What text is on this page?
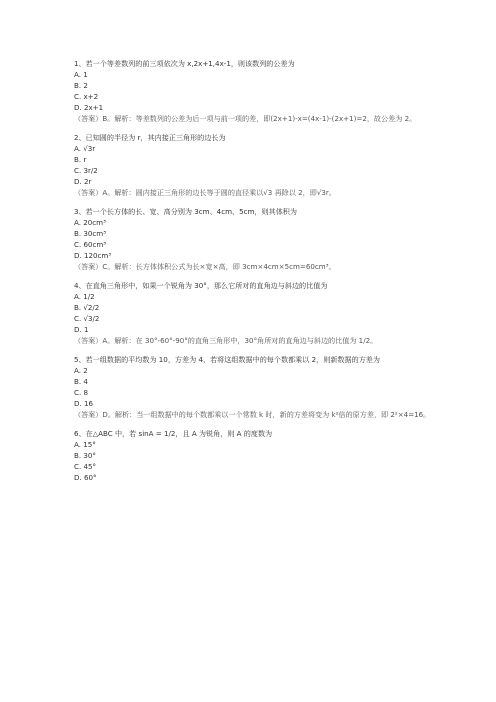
1、若一个等差数列的前三项依次为 x,2x+1,4x-1，则该数列的公差为
A. 1
B. 2
C. x+2
D. 2x+1
（答案）B。解析：等差数列的公差为后一项与前一项的差，即(2x+1)-x=(4x-1)-(2x+1)=2，故公差为 2。
2、已知圆的半径为 r，其内接正三角形的边长为
A. √3r
B. r
C. 3r/2
D. 2r
（答案）A。解析：圆内接正三角形的边长等于圆的直径乘以√3 再除以 2，即√3r。
3、若一个长方体的长、宽、高分别为 3cm、4cm、5cm，则其体积为
A. 20cm³
B. 30cm³
C. 60cm³
D. 120cm³
（答案）C。解析：长方体体积公式为长×宽×高，即 3cm×4cm×5cm=60cm³。
4、在直角三角形中，如果一个锐角为 30°，那么它所对的直角边与斜边的比值为
A. 1/2
B. √2/2
C. √3/2
D. 1
（答案）A。解析：在 30°-60°-90°的直角三角形中，30°角所对的直角边与斜边的比值为 1/2。
5、若一组数据的平均数为 10，方差为 4，若将这组数据中的每个数都乘以 2，则新数据的方差为
A. 2
B. 4
C. 8
D. 16
（答案）D。解析：当一组数据中的每个数都乘以一个常数 k 时，新的方差将变为 k²倍的原方差，即 2²×4=16。
6、在△ABC 中，若 sinA = 1/2，且 A 为锐角，则 A 的度数为
A. 15°
B. 30°
C. 45°
D. 60°
